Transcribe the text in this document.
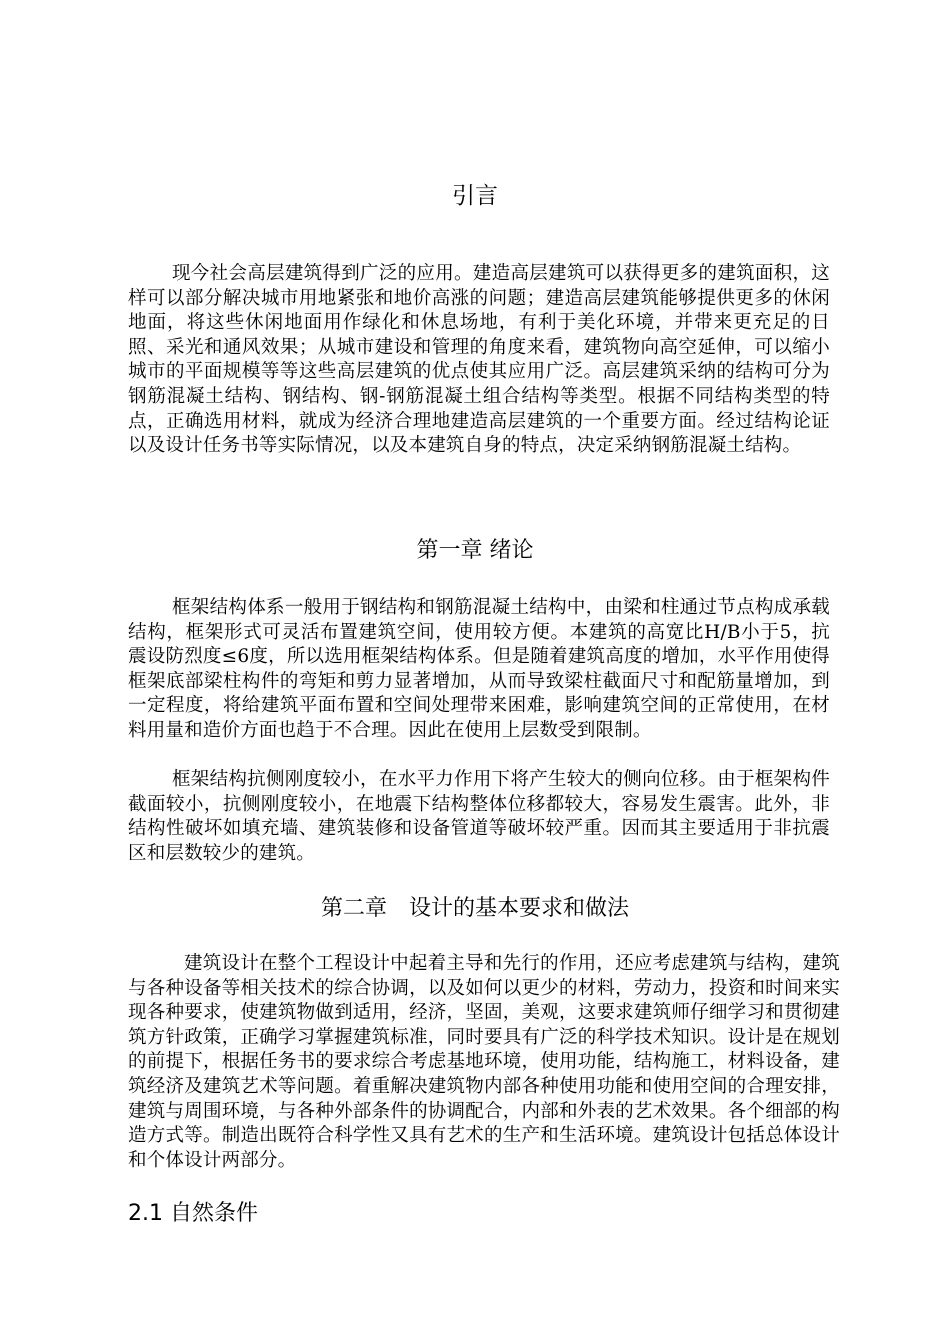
引言

现今社会高层建筑得到广泛的应用。建造高层建筑可以获得更多的建筑面积，这样可以部分解决城市用地紧张和地价高涨的问题；建造高层建筑能够提供更多的休闲地面，将这些休闲地面用作绿化和休息场地，有利于美化环境，并带来更充足的日照、采光和通风效果；从城市建设和管理的角度来看，建筑物向高空延伸，可以缩小城市的平面规模等等这些高层建筑的优点使其应用广泛。高层建筑采纳的结构可分为钢筋混凝土结构、钢结构、钢-钢筋混凝土组合结构等类型。根据不同结构类型的特点，正确选用材料，就成为经济合理地建造高层建筑的一个重要方面。经过结构论证以及设计任务书等实际情况，以及本建筑自身的特点，决定采纳钢筋混凝土结构。

第一章 绪论

框架结构体系一般用于钢结构和钢筋混凝土结构中，由梁和柱通过节点构成承载结构，框架形式可灵活布置建筑空间，使用较方便。本建筑的高宽比H/B小于5，抗震设防烈度≤6度，所以选用框架结构体系。但是随着建筑高度的增加，水平作用使得框架底部梁柱构件的弯矩和剪力显著增加，从而导致梁柱截面尺寸和配筋量增加，到一定程度，将给建筑平面布置和空间处理带来困难，影响建筑空间的正常使用，在材料用量和造价方面也趋于不合理。因此在使用上层数受到限制。

框架结构抗侧刚度较小，在水平力作用下将产生较大的侧向位移。由于框架构件截面较小，抗侧刚度较小，在地震下结构整体位移都较大，容易发生震害。此外，非结构性破坏如填充墙、建筑装修和设备管道等破坏较严重。因而其主要适用于非抗震区和层数较少的建筑。

第二章　设计的基本要求和做法

建筑设计在整个工程设计中起着主导和先行的作用，还应考虑建筑与结构，建筑与各种设备等相关技术的综合协调，以及如何以更少的材料，劳动力，投资和时间来实现各种要求，使建筑物做到适用，经济，坚固，美观，这要求建筑师仔细学习和贯彻建筑方针政策，正确学习掌握建筑标准，同时要具有广泛的科学技术知识。设计是在规划的前提下，根据任务书的要求综合考虑基地环境，使用功能，结构施工，材料设备，建筑经济及建筑艺术等问题。着重解决建筑物内部各种使用功能和使用空间的合理安排，建筑与周围环境，与各种外部条件的协调配合，内部和外表的艺术效果。各个细部的构造方式等。制造出既符合科学性又具有艺术的生产和生活环境。建筑设计包括总体设计和个体设计两部分。

2.1 自然条件
